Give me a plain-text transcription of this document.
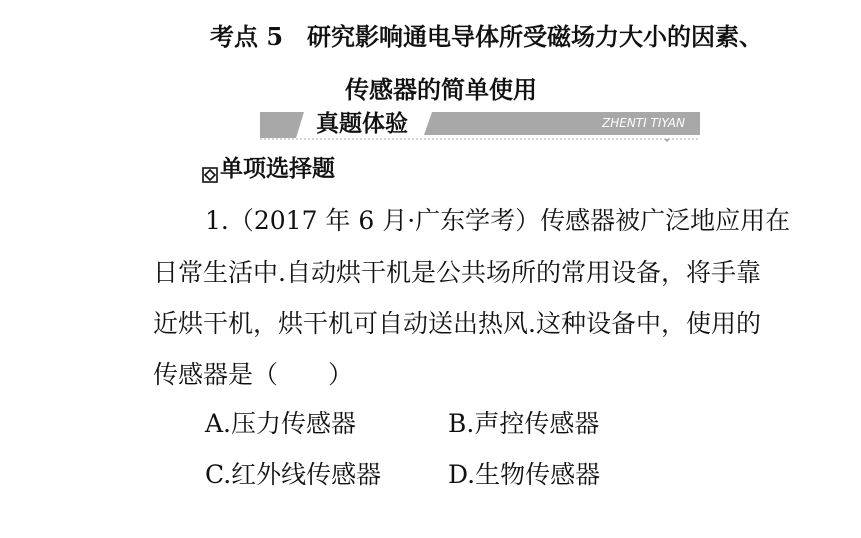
考点 5　研究影响通电导体所受磁场力大小的因素、
传感器的简单使用
真题体验	ZHENTI TIYAN
单项选择题
1.（2017 年 6 月·广东学考）传感器被广泛地应用在
日常生活中.自动烘干机是公共场所的常用设备，将手靠
近烘干机，烘干机可自动送出热风.这种设备中，使用的
传感器是（　　）
A.压力传感器	B.声控传感器
C.红外线传感器	D.生物传感器
